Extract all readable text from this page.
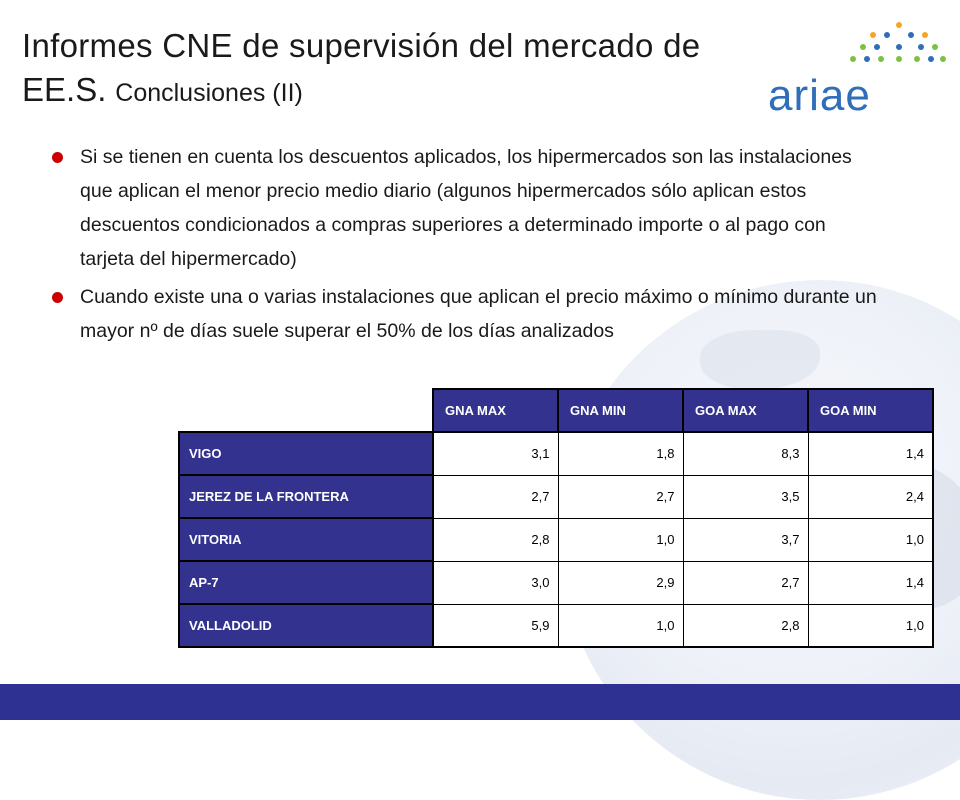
Informes CNE de supervisión del mercado de
EE.S. Conclusiones (II)	ariae
Si se tienen en cuenta los descuentos aplicados, los hipermercados son las instalaciones que aplican el menor precio medio diario (algunos hipermercados sólo aplican estos descuentos condicionados a compras superiores a determinado importe o al pago con tarjeta del hipermercado)
Cuando existe una o varias instalaciones que aplican el precio máximo o mínimo durante un mayor nº de días suele superar el 50% de los días analizados
	GNA MAX	GNA MIN	GOA MAX	GOA MIN
VIGO	3,1	1,8	8,3	1,4
JEREZ DE LA FRONTERA	2,7	2,7	3,5	2,4
VITORIA	2,8	1,0	3,7	1,0
AP-7	3,0	2,9	2,7	1,4
VALLADOLID	5,9	1,0	2,8	1,0
